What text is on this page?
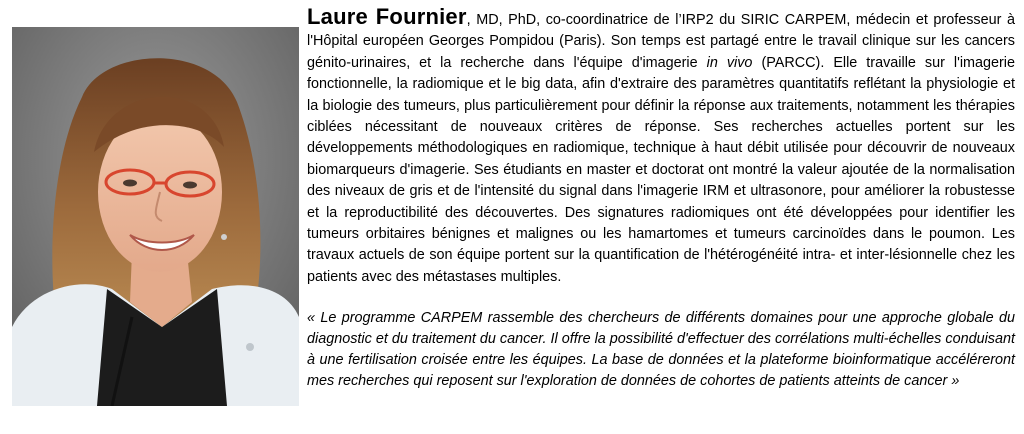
Laure Fournier, MD, PhD, co-coordinatrice de l’IRP2 du SIRIC CARPEM, médecin et professeur à l'Hôpital européen Georges Pompidou (Paris). Son temps est partagé entre le travail clinique sur les cancers génito-urinaires, et la recherche dans l'équipe d'imagerie in vivo (PARCC). Elle travaille sur l'imagerie fonctionnelle, la radiomique et le big data, afin d'extraire des paramètres quantitatifs reflétant la physiologie et la biologie des tumeurs, plus particulièrement pour définir la réponse aux traitements, notamment les thérapies ciblées nécessitant de nouveaux critères de réponse. Ses recherches actuelles portent sur les développements méthodologiques en radiomique, technique à haut débit utilisée pour découvrir de nouveaux biomarqueurs d'imagerie. Ses étudiants en master et doctorat ont montré la valeur ajoutée de la normalisation des niveaux de gris et de l'intensité du signal dans l'imagerie IRM et ultrasonore, pour améliorer la robustesse et la reproductibilité des découvertes. Des signatures radiomiques ont été développées pour identifier les tumeurs orbitaires bénignes et malignes ou les hamartomes et tumeurs carcinoïdes dans le poumon. Les travaux actuels de son équipe portent sur la quantification de l'hétérogénéité intra- et inter-lésionnelle chez les patients avec des métastases multiples.

« Le programme CARPEM rassemble des chercheurs de différents domaines pour une approche globale du diagnostic et du traitement du cancer. Il offre la possibilité d'effectuer des corrélations multi-échelles conduisant à une fertilisation croisée entre les équipes. La base de données et la plateforme bioinformatique accéléreront mes recherches qui reposent sur l'exploration de données de cohortes de patients atteints de cancer »
